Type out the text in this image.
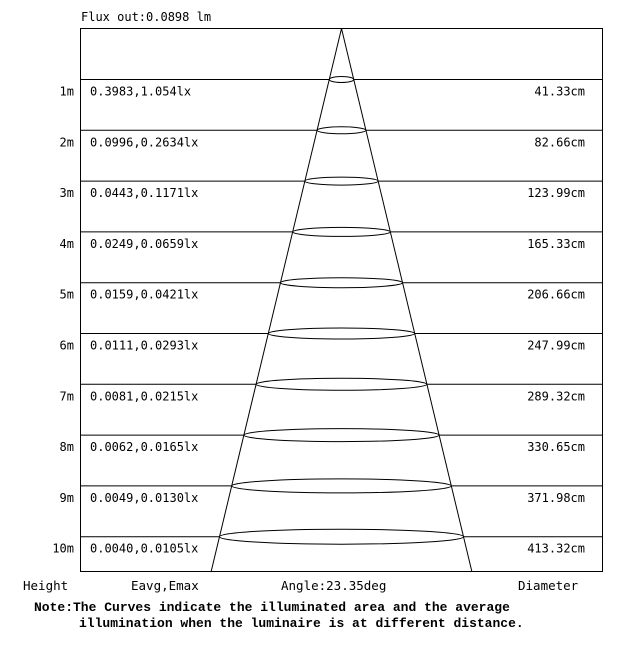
1m 0.3983,1.054lx	41.33cm
2m 0.0996,0.2634lx	82.66cm
3m 0.0443,0.1171lx	123.99cm
4m 0.0249,0.0659lx	165.33cm
5m 0.0159,0.0421lx	206.66cm
6m 0.0111,0.0293lx	247.99cm
7m 0.0081,0.0215lx	289.32cm
8m 0.0062,0.0165lx	330.65cm
9m 0.0049,0.0130lx	371.98cm
10m 0.0040,0.0105lx	413.32cm
Flux out:0.0898 lm
Height	Eavg,Emax	Angle:23.35deg	Diameter
Note:The Curves indicate the illuminated area and the average
illumination when the luminaire is at different distance.
